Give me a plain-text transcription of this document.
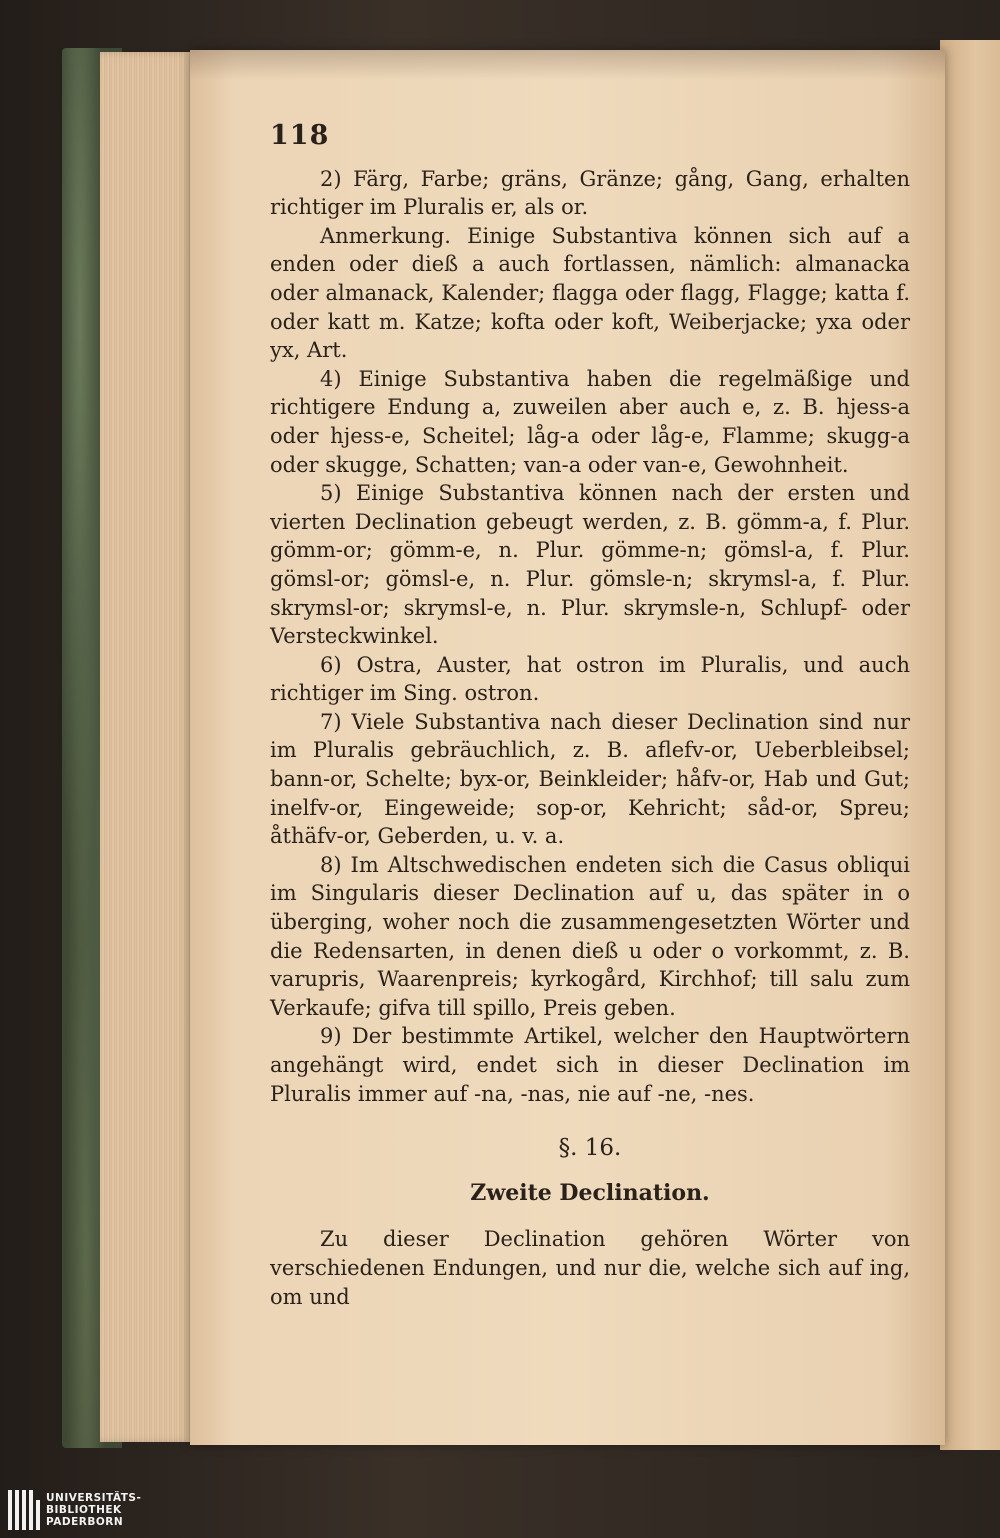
118

2) Färg, Farbe; gräns, Gränze; gång, Gang, erhalten richtiger im Pluralis er, als or.

Anmerkung. Einige Substantiva können sich auf a enden oder dieß a auch fortlassen, nämlich: almanacka oder almanack, Kalender; flagga oder flagg, Flagge; katta f. oder katt m. Katze; kofta oder koft, Weiberjacke; yxa oder yx, Art.

4) Einige Substantiva haben die regelmäßige und richtigere Endung a, zuweilen aber auch e, z. B. hjess-a oder hjess-e, Scheitel; låg-a oder låg-e, Flamme; skugg-a oder skugge, Schatten; van-a oder van-e, Gewohnheit.

5) Einige Substantiva können nach der ersten und vierten Declination gebeugt werden, z. B. gömm-a, f. Plur. gömm-or; gömm-e, n. Plur. gömme-n; gömsl-a, f. Plur. gömsl-or; gömsl-e, n. Plur. gömsle-n; skrymsl-a, f. Plur. skrymsl-or; skrymsl-e, n. Plur. skrymsle-n, Schlupf- oder Versteckwinkel.

6) Ostra, Auster, hat ostron im Pluralis, und auch richtiger im Sing. ostron.

7) Viele Substantiva nach dieser Declination sind nur im Pluralis gebräuchlich, z. B. aflefv-or, Ueberbleibsel; bann-or, Schelte; byx-or, Beinkleider; håfv-or, Hab und Gut; inelfv-or, Eingeweide; sop-or, Kehricht; såd-or, Spreu; åthäfv-or, Geberden, u. v. a.

8) Im Altschwedischen endeten sich die Casus obliqui im Singularis dieser Declination auf u, das später in o überging, woher noch die zusammengesetzten Wörter und die Redensarten, in denen dieß u oder o vorkommt, z. B. varupris, Waarenpreis; kyrkogård, Kirchhof; till salu zum Verkaufe; gifva till spillo, Preis geben.

9) Der bestimmte Artikel, welcher den Hauptwörtern angehängt wird, endet sich in dieser Declination im Pluralis immer auf -na, -nas, nie auf -ne, -nes.

§. 16.

Zweite Declination.

Zu dieser Declination gehören Wörter von verschiedenen Endungen, und nur die, welche sich auf ing, om und

UNIVERSITÄTS-
BIBLIOTHEK
PADERBORN
